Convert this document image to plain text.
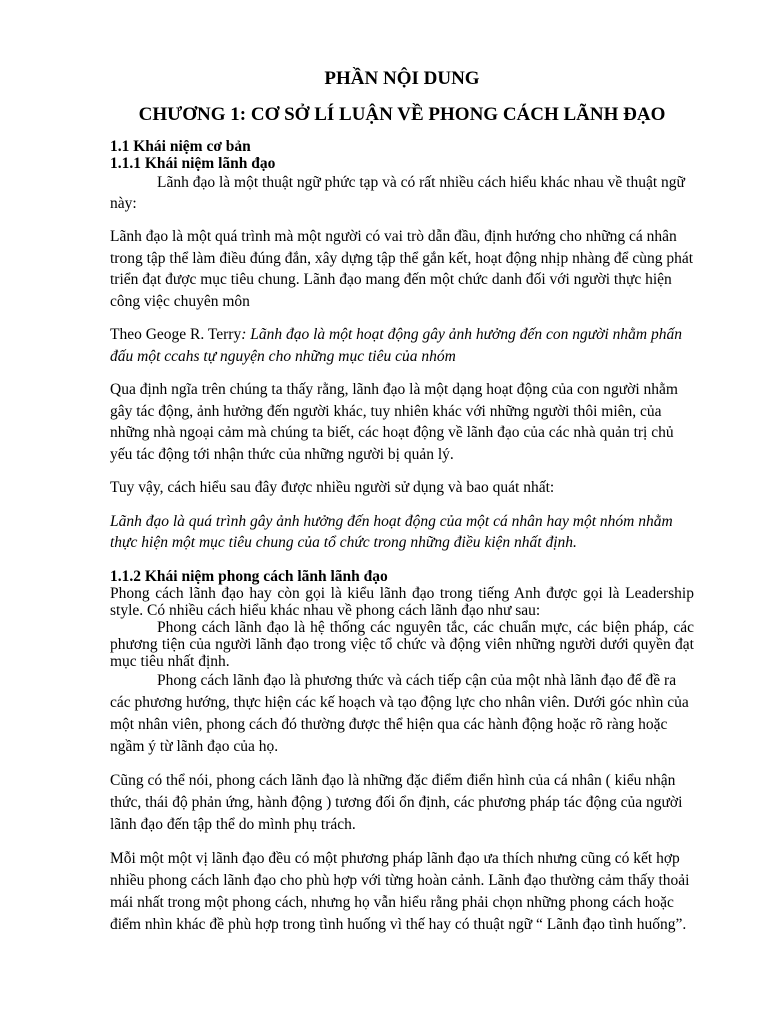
PHẦN NỘI DUNG
CHƯƠNG 1: CƠ SỞ LÍ LUẬN VỀ PHONG CÁCH LÃNH ĐẠO
1.1 Khái niệm cơ bản
1.1.1 Khái niệm lãnh đạo

Lãnh đạo là một thuật ngữ phức tạp và có rất nhiều cách hiểu khác nhau về thuật ngữ này:

Lãnh đạo là một quá trình mà một người có vai trò dẫn đầu, định hướng cho những cá nhân trong tập thể làm điều đúng đắn, xây dựng tập thể gắn kết, hoạt động nhịp nhàng để cùng phát triển đạt được mục tiêu chung. Lãnh đạo mang đến một chức danh đối với người thực hiện công việc chuyên môn

Theo Geoge R. Terry: Lãnh đạo là một hoạt động gây ảnh hưởng đến con người nhằm phấn đấu một ccahs tự nguyện cho những mục tiêu của nhóm

Qua định ngĩa trên chúng ta thấy rằng, lãnh đạo là một dạng hoạt động của con người nhằm gây tác động, ảnh hưởng đến người khác, tuy nhiên khác với những người thôi miên, của những nhà ngoại cảm mà chúng ta biết, các hoạt động về lãnh đạo của các nhà quản trị chủ yếu tác động tới nhận thức của những người bị quản lý.

Tuy vậy, cách hiểu sau đây được nhiều người sử dụng và bao quát nhất:

Lãnh đạo là quá trình gây ảnh hưởng đến hoạt động của một cá nhân hay một nhóm nhằm thực hiện một mục tiêu chung của tổ chức trong những điều kiện nhất định.

1.1.2 Khái niệm phong cách lãnh lãnh đạo

Phong cách lãnh đạo hay còn gọi là kiểu lãnh đạo trong tiếng Anh được gọi là Leadership style. Có nhiều cách hiểu khác nhau về phong cách lãnh đạo như sau:

Phong cách lãnh đạo là hệ thống các nguyên tắc, các chuẩn mực, các biện pháp, các phương tiện của người lãnh đạo trong việc tổ chức và động viên những người dưới quyền đạt mục tiêu nhất định.

Phong cách lãnh đạo là phương thức và cách tiếp cận của một nhà lãnh đạo để đề ra các phương hướng, thực hiện các kế hoạch và tạo động lực cho nhân viên. Dưới góc nhìn của một nhân viên, phong cách đó thường được thể hiện qua các hành động hoặc rõ ràng hoặc ngầm ý từ lãnh đạo của họ.

Cũng có thể nói, phong cách lãnh đạo là những đặc điểm điển hình của cá nhân ( kiểu nhận thức, thái độ phản ứng, hành động ) tương đối ổn định, các phương pháp tác động của người lãnh đạo đến tập thể do mình phụ trách.

Mỗi một một vị lãnh đạo đều có một phương pháp lãnh đạo ưa thích nhưng cũng có kết hợp nhiều phong cách lãnh đạo cho phù hợp với từng hoàn cảnh. Lãnh đạo thường cảm thấy thoải mái nhất trong một phong cách, nhưng họ vẫn hiểu rằng phải chọn những phong cách hoặc điểm nhìn khác đề phù hợp trong tình huống vì thế hay có thuật ngữ “ Lãnh đạo tình huống”.
